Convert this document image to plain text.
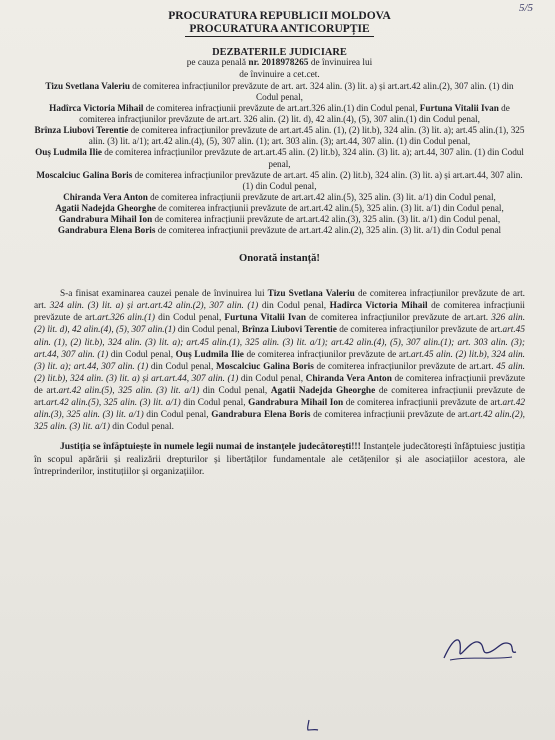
5/5
PROCURATURA REPUBLICII MOLDOVA
PROCURATURA ANTICORUPȚIE
DEZBATERILE JUDICIARE
pe cauza penală nr. 2018978265 de învinuirea lui
de învinuire a cet.cet.
Tizu Svetlana Valeriu de comiterea infracțiunilor prevăzute de art. art. 324 alin. (3) lit. a) și art.art.42 alin.(2), 307 alin. (1) din Codul penal,
Hadîrca Victoria Mihail de comiterea infracțiunii prevăzute de art.art.326 alin.(1) din Codul penal, Furtuna Vitalii Ivan de comiterea infracțiunilor prevăzute de art.art. 326 alin. (2) lit. d), 42 alin.(4), (5), 307 alin.(1) din Codul penal,
Brînza Liubovi Terentie de comiterea infracțiunilor prevăzute de art.art.45 alin. (1), (2) lit.b), 324 alin. (3) lit. a); art.45 alin.(1), 325 alin. (3) lit. a/1); art.42 alin.(4), (5), 307 alin. (1); art. 303 alin. (3); art.44, 307 alin. (1) din Codul penal,
Ouș Ludmila Ilie de comiterea infracțiunilor prevăzute de art.art.45 alin. (2) lit.b), 324 alin. (3) lit. a); art.44, 307 alin. (1) din Codul penal,
Moscalciuc Galina Boris de comiterea infracțiunilor prevăzute de art.art. 45 alin. (2) lit.b), 324 alin. (3) lit. a) și art.art.44, 307 alin. (1) din Codul penal,
Chiranda Vera Anton de comiterea infracțiunii prevăzute de art.art.42 alin.(5), 325 alin. (3) lit. a/1) din Codul penal,
Agatii Nadejda Gheorghe de comiterea infracțiunii prevăzute de art.art.42 alin.(5), 325 alin. (3) lit. a/1) din Codul penal,
Gandrabura Mihail Ion de comiterea infracțiunii prevăzute de art.art.42 alin.(3), 325 alin. (3) lit. a/1) din Codul penal,
Gandrabura Elena Boris de comiterea infracțiunii prevăzute de art.art.42 alin.(2), 325 alin. (3) lit. a/1) din Codul penal
Onorată instanță!
S-a finisat examinarea cauzei penale de învinuirea lui Tizu Svetlana Valeriu de comiterea infracțiunilor prevăzute de art. art. 324 alin. (3) lit. a) și art.art.42 alin.(2), 307 alin. (1) din Codul penal, Hadîrca Victoria Mihail de comiterea infracțiunii prevăzute de art.art.326 alin.(1) din Codul penal, Furtuna Vitalii Ivan de comiterea infracțiunilor prevăzute de art.art. 326 alin. (2) lit. d), 42 alin.(4), (5), 307 alin.(1) din Codul penal, Brînza Liubovi Terentie de comiterea infracțiunilor prevăzute de art.art.45 alin. (1), (2) lit.b), 324 alin. (3) lit. a); art.45 alin.(1), 325 alin. (3) lit. a/1); art.42 alin.(4), (5), 307 alin.(1); art. 303 alin. (3); art.44, 307 alin. (1) din Codul penal, Ouș Ludmila Ilie de comiterea infracțiunilor prevăzute de art.art.45 alin. (2) lit.b), 324 alin. (3) lit. a); art.44, 307 alin. (1) din Codul penal, Moscalciuc Galina Boris de comiterea infracțiunilor prevăzute de art.art. 45 alin. (2) lit.b), 324 alin. (3) lit. a) și art.art.44, 307 alin. (1) din Codul penal, Chiranda Vera Anton de comiterea infracțiunii prevăzute de art.art.42 alin.(5), 325 alin. (3) lit. a/1) din Codul penal, Agatii Nadejda Gheorghe de comiterea infracțiunii prevăzute de art.art.42 alin.(5), 325 alin. (3) lit. a/1) din Codul penal, Gandrabura Mihail Ion de comiterea infracțiunii prevăzute de art.art.42 alin.(3), 325 alin. (3) lit. a/1) din Codul penal, Gandrabura Elena Boris de comiterea infracțiunii prevăzute de art.art.42 alin.(2), 325 alin. (3) lit. a/1) din Codul penal.
Justiția se înfăptuiește în numele legii numai de instanțele judecătorești!!! Instanțele judecătorești înfăptuiesc justiția în scopul apărării și realizării drepturilor și libertăților fundamentale ale cetățenilor și ale asociațiilor acestora, ale întreprinderilor, instituțiilor și organizațiilor.
